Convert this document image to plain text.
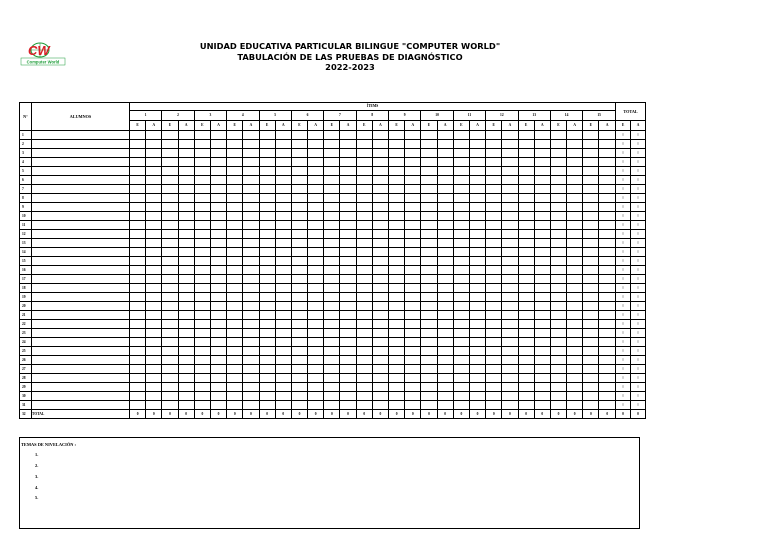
CW
Computer World
UNIDAD EDUCATIVA PARTICULAR BILINGUE "COMPUTER WORLD"
TABULACIÓN DE LAS PRUEBAS DE DIAGNÓSTICO
2022-2023
N°	ALUMNOS	ÍTEMS																														TOTAL	
		1		2		3		4		5		6		7		8		9		10		11		12		13		14		15			
		E	A	E	A	E	A	E	A	E	A	E	A	E	A	E	A	E	A	E	A	E	A	E	A	E	A	E	A	E	A	E	A
1																																0	0
2																																0	0
3																																0	0
4																																0	0
5																																0	0
6																																0	0
7																																0	0
8																																0	0
9																																0	0
10																																0	0
11																																0	0
12																																0	0
13																																0	0
14																																0	0
15																																0	0
16																																0	0
17																																0	0
18																																0	0
19																																0	0
20																																0	0
21																																0	0
22																																0	0
23																																0	0
24																																0	0
25																																0	0
26																																0	0
27																																0	0
28																																0	0
29																																0	0
30																																0	0
31																																0	0
32	TOTAL	0	0	0	0	0	0	0	0	0	0	0	0	0	0	0	0	0	0	0	0	0	0	0	0	0	0	0	0	0	0	0	0
TEMAS DE NIVELACIÓN :
1.
2.
3.
4.
5.
